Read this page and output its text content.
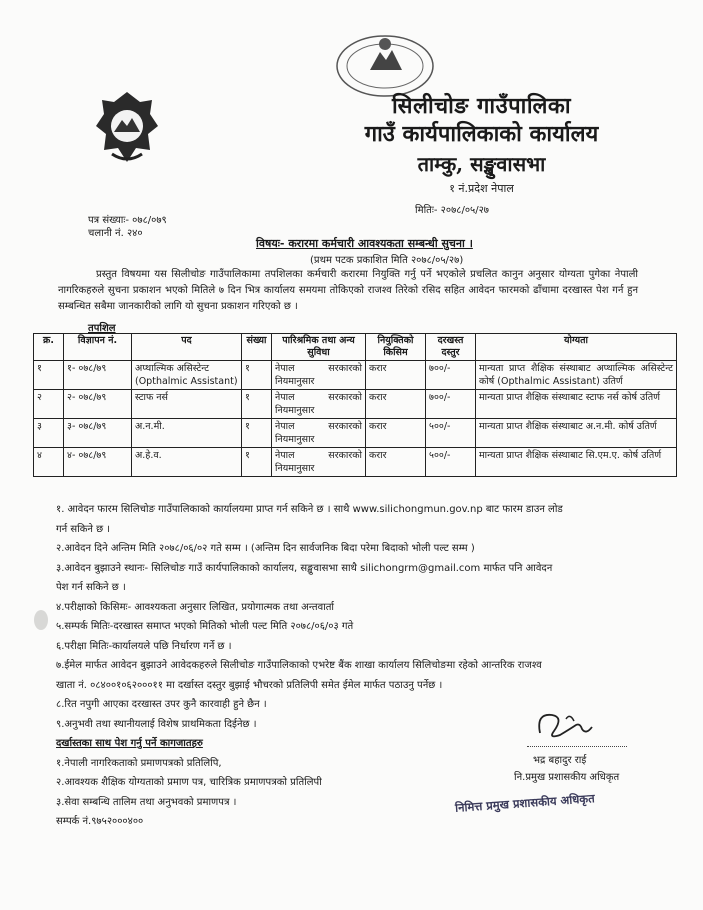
सिलीचोङ गाउँपालिका
गाउँ कार्यपालिकाको कार्यालय
ताम्कु, सङ्खुवासभा
१ नं.प्रदेश नेपाल
पत्र संख्याः- ०७८/०७९
चलानी नं. २४०
मितिः- २०७८/०५/२७
विषयः- करारमा कर्मचारी आवश्यकता सम्बन्धी सुचना ।
(प्रथम पटक प्रकाशित मिति २०७८/०५/२७)
प्रस्तुत विषयमा यस सिलीचोङ गाउँपालिकामा तपशिलका कर्मचारी करारमा नियुक्ति गर्नु पर्ने भएकोले प्रचलित कानुन अनुसार योग्यता पुगेका नेपाली नागरिकहरुले सुचना प्रकाशन भएको मितिले ७ दिन भित्र कार्यालय समयमा तोकिएको राजश्व तिरेको रसिद सहित आवेदन फारमको ढाँचामा दरखास्त पेश गर्न हुन सम्बन्धित सबैमा जानकारीको लागि यो सुचना प्रकाशन गरिएको छ ।
तपशिल
क्र.	विज्ञापन नं.	पद	संख्या	पारिश्रमिक तथा अन्य सुविधा	नियुक्तिको किसिम	दरखस्त दस्तुर	योग्यता
१	१- ०७८/७९	अप्थाल्मिक असिस्टेन्ट (Opthalmic Assistant)	१	नेपाल सरकारको नियमानुसार	करार	७००/-	मान्यता प्राप्त शैक्षिक संस्थाबाट अप्थाल्मिक असिस्टेन्ट कोर्ष (Opthalmic Assistant) उतिर्ण
२	२- ०७८/७९	स्टाफ नर्स	१	नेपाल सरकारको नियमानुसार	करार	७००/-	मान्यता प्राप्त शैक्षिक संस्थाबाट स्टाफ नर्स कोर्ष उतिर्ण
३	३- ०७८/७९	अ.न.मी.	१	नेपाल सरकारको नियमानुसार	करार	५००/-	मान्यता प्राप्त शैक्षिक संस्थाबाट अ.न.मी. कोर्ष उतिर्ण
४	४- ०७८/७९	अ.हे.व.	१	नेपाल सरकारको नियमानुसार	करार	५००/-	मान्यता प्राप्त शैक्षिक संस्थाबाट सि.एम.ए. कोर्ष उतिर्ण
१. आवेदन फारम सिलिचोङ गाउँपालिकाको कार्यालयमा प्राप्त गर्न सकिने छ । साथै www.silichongmun.gov.np बाट फारम डाउन लोड
गर्न सकिने छ ।
२.आवेदन दिने अन्तिम मिति २०७८/०६/०२ गते सम्म । (अन्तिम दिन सार्वजनिक बिदा परेमा बिदाको भोली पल्ट सम्म )
३.आवेदन बुझाउने स्थानः- सिलिचोङ गाउँ कार्यपालिकाको कार्यालय, सङ्खुवासभा साथै silichongrm@gmail.com मार्फत पनि आवेदन
पेश गर्न सकिने छ ।
४.परीक्षाको किसिमः- आवश्यकता अनुसार लिखित, प्रयोगात्मक तथा अन्तवार्ता
५.सम्पर्क मितिः-दरखास्त समाप्त भएको मितिको भोली पल्ट मिति २०७८/०६/०३ गते
६.परीक्षा मितिः-कार्यालयले पछि निर्धारण गर्ने छ ।
७.ईमेल मार्फत आवेदन बुझाउने आवेदकहरुले सिलीचोङ गाउँपालिकाको एभरेष्ट बैंक शाखा कार्यालय सिलिचोङमा रहेको आन्तरिक राजश्व
खाता नं. ०८४००१०६२०००११ मा दर्खास्त दस्तुर बुझाई भौचरको प्रतिलिपी समेत ईमेल मार्फत पठाउनु पर्नेछ ।
८.रित नपुगी आएका दरखास्त उपर कुनै कारवाही हुने छैन ।
९.अनुभवी तथा स्थानीयलाई विशेष प्राथमिकता दिईनेछ ।
दर्खास्तका साथ पेश गर्नु पर्ने कागजातहरु
१.नेपाली नागरिकताको प्रमाणपत्रको प्रतिलिपि,
२.आवश्यक शैक्षिक योग्यताको प्रमाण पत्र, चारित्रिक प्रमाणपत्रको प्रतिलिपी
३.सेवा सम्बन्धि तालिम तथा अनुभवको प्रमाणपत्र ।
सम्पर्क नं.९७५२०००४००
भद्र बहादुर राई
नि.प्रमुख प्रशासकीय अधिकृत
निमित्त प्रमुख प्रशासकीय अधिकृत
